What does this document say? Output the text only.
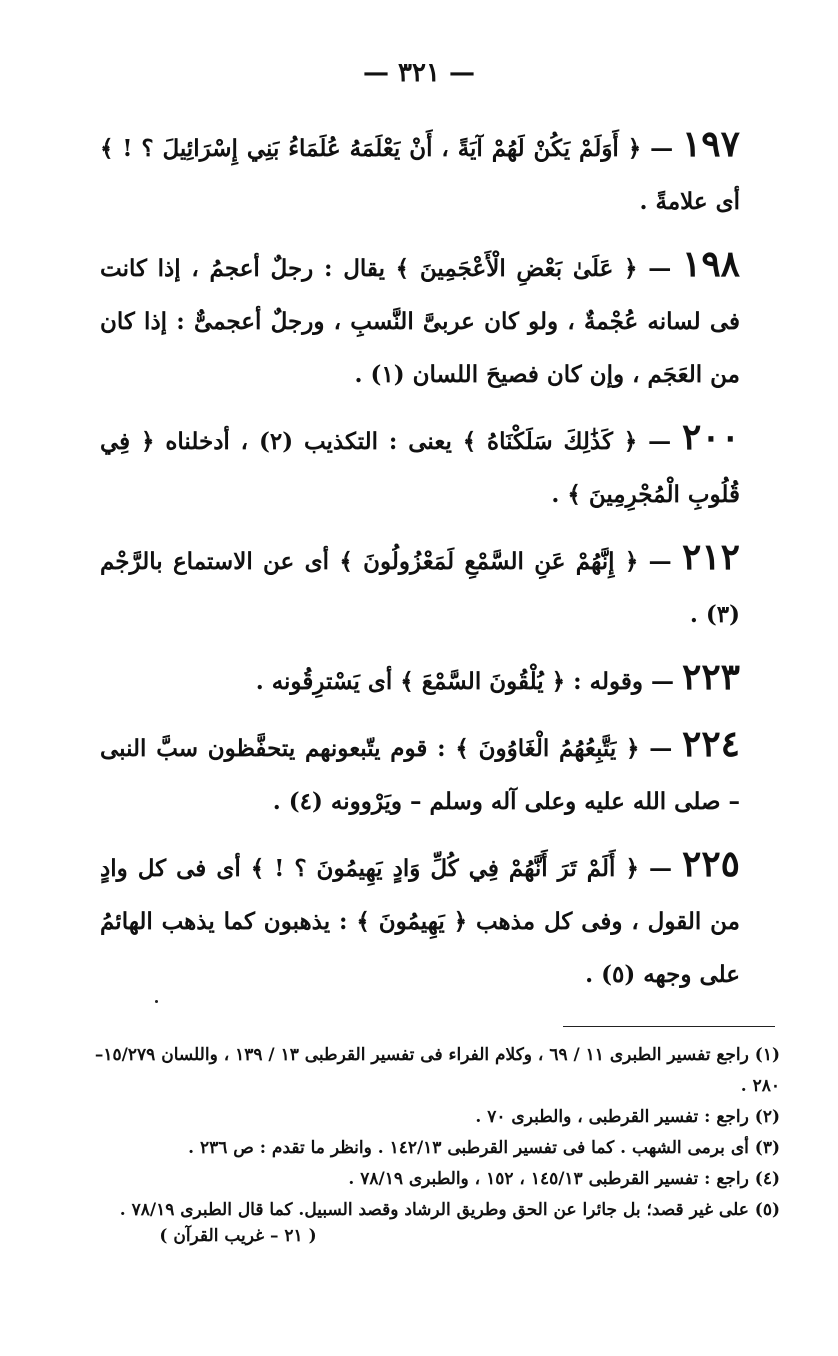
— ٣٢١ —

١٩٧ — ﴿ أَوَلَمْ يَكُنْ لَهُمْ آيَةً ، أَنْ يَعْلَمَهُ عُلَمَاءُ بَنِي إِسْرَائِيلَ ؟ ! ﴾ أى علامةً .

١٩٨ — ﴿ عَلَىٰ بَعْضِ الْأَعْجَمِينَ ﴾ يقال : رجلٌ أعجمُ ، إذا كانت فى لسانه عُجْمةٌ ، ولو كان عربىَّ النَّسبِ ، ورجلٌ أعجمىٌّ : إذا كان من العَجَم ، وإن كان فصيحَ اللسان (١) .

٢٠٠ — ﴿ كَذَٰلِكَ سَلَكْنَاهُ ﴾ يعنى : التكذيب (٢) ، أدخلناه ﴿ فِي قُلُوبِ الْمُجْرِمِينَ ﴾ .

٢١٢ — ﴿ إِنَّهُمْ عَنِ السَّمْعِ لَمَعْزُولُونَ ﴾ أى عن الاستماع بالرَّجْم (٣) .

٢٢٣ — وقوله : ﴿ يُلْقُونَ السَّمْعَ ﴾ أى يَسْترِقُونه .

٢٢٤ — ﴿ يَتَّبِعُهُمُ الْغَاوُونَ ﴾ : قوم يتّبعونهم يتحفَّظون سبَّ النبى – صلى الله عليه وعلى آله وسلم – ويَرْوونه (٤) .

٢٢٥ — ﴿ أَلَمْ تَرَ أَنَّهُمْ فِي كُلِّ وَادٍ يَهِيمُونَ ؟ ! ﴾ أى فى كل وادٍ من القول ، وفى كل مذهب ﴿ يَهِيمُونَ ﴾ : يذهبون كما يذهب الهائمُ على وجهه (٥) .

(١) راجع تفسير الطبرى ١١ / ٦٩ ، وكلام الفراء فى تفسير القرطبى ١٣ / ١٣٩ ، واللسان ١٥/٢٧٩–٢٨٠ .

(٢) راجع : تفسير القرطبى ، والطبرى ٧٠ .

(٣) أى برمى الشهب . كما فى تفسير القرطبى ١٤٢/١٣ . وانظر ما تقدم : ص ٢٣٦ .

(٤) راجع : تفسير القرطبى ١٤٥/١٣ ، ١٥٢ ، والطبرى ٧٨/١٩ .

(٥) على غير قصد؛ بل جائرا عن الحق وطريق الرشاد وقصد السبيل. كما قال الطبرى ٧٨/١٩ .

( ٢١ – غريب القرآن )
